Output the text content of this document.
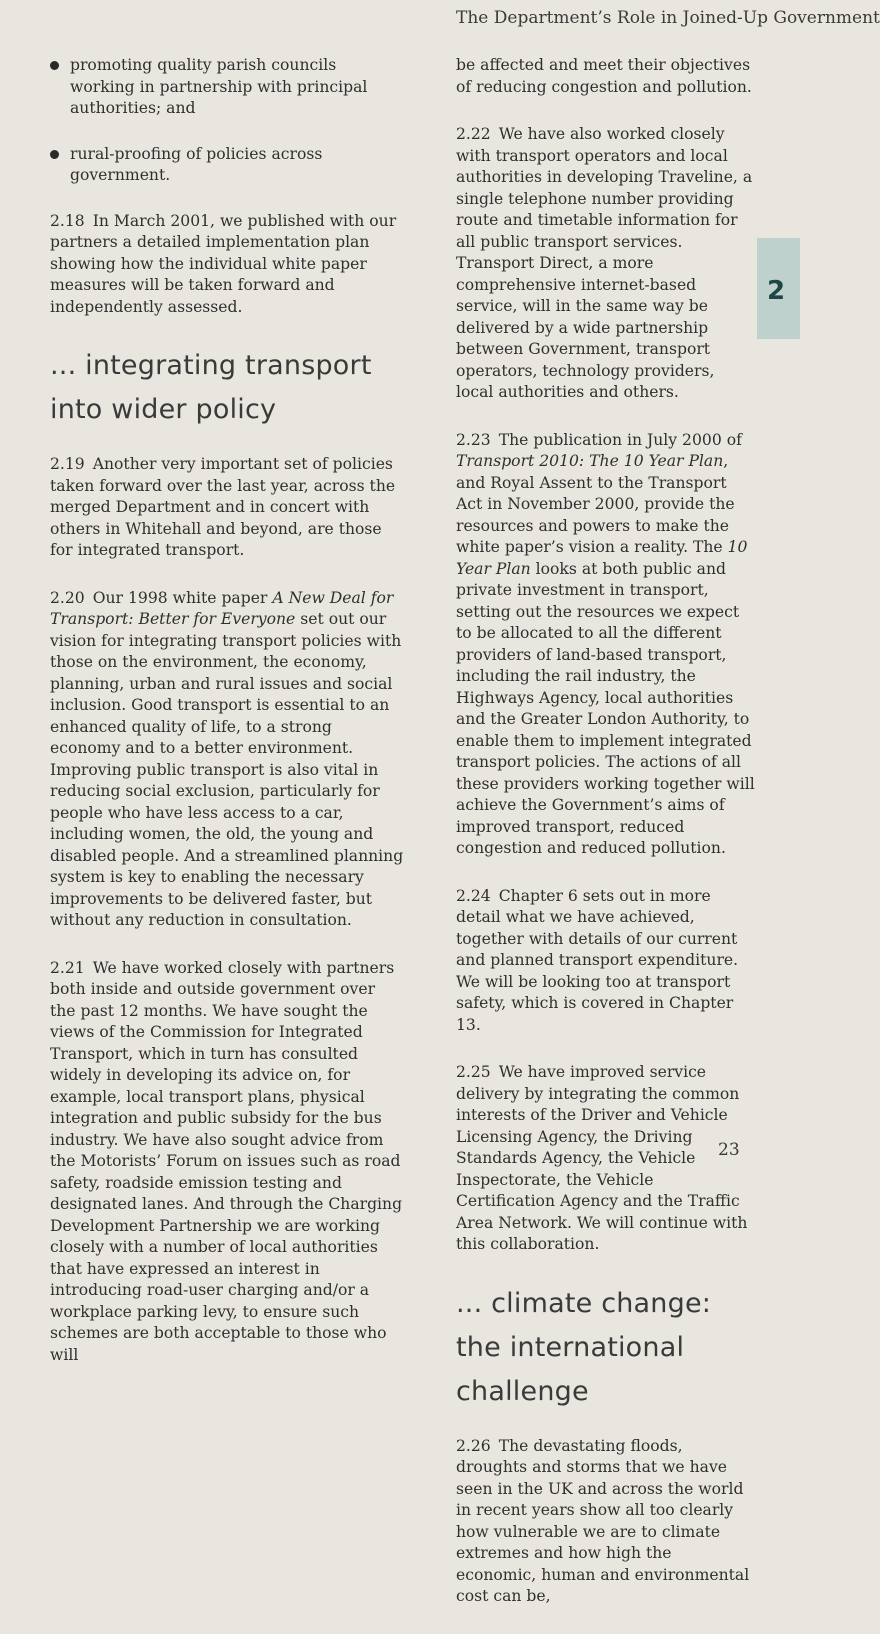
The Department’s Role in Joined-Up Government
promoting quality parish councils working in partnership with principal authorities; and
rural-proofing of policies across government.

2.18 In March 2001, we published with our partners a detailed implementation plan showing how the individual white paper measures will be taken forward and independently assessed.

... integrating transport into wider policy

2.19 Another very important set of policies taken forward over the last year, across the merged Department and in concert with others in Whitehall and beyond, are those for integrated transport.

2.20 Our 1998 white paper A New Deal for Transport: Better for Everyone set out our vision for integrating transport policies with those on the environment, the economy, planning, urban and rural issues and social inclusion. Good transport is essential to an enhanced quality of life, to a strong economy and to a better environment. Improving public transport is also vital in reducing social exclusion, particularly for people who have less access to a car, including women, the old, the young and disabled people. And a streamlined planning system is key to enabling the necessary improvements to be delivered faster, but without any reduction in consultation.

2.21 We have worked closely with partners both inside and outside government over the past 12 months. We have sought the views of the Commission for Integrated Transport, which in turn has consulted widely in developing its advice on, for example, local transport plans, physical integration and public subsidy for the bus industry. We have also sought advice from the Motorists’ Forum on issues such as road safety, roadside emission testing and designated lanes. And through the Charging Development Partnership we are working closely with a number of local authorities that have expressed an interest in introducing road-user charging and/or a workplace parking levy, to ensure such schemes are both acceptable to those who will

be affected and meet their objectives of reducing congestion and pollution.

2.22 We have also worked closely with transport operators and local authorities in developing Traveline, a single telephone number providing route and timetable information for all public transport services. Transport Direct, a more comprehensive internet-based service, will in the same way be delivered by a wide partnership between Government, transport operators, technology providers, local authorities and others.

2.23 The publication in July 2000 of Transport 2010: The 10 Year Plan, and Royal Assent to the Transport Act in November 2000, provide the resources and powers to make the white paper’s vision a reality. The 10 Year Plan looks at both public and private investment in transport, setting out the resources we expect to be allocated to all the different providers of land-based transport, including the rail industry, the Highways Agency, local authorities and the Greater London Authority, to enable them to implement integrated transport policies. The actions of all these providers working together will achieve the Government’s aims of improved transport, reduced congestion and reduced pollution.

2.24 Chapter 6 sets out in more detail what we have achieved, together with details of our current and planned transport expenditure. We will be looking too at transport safety, which is covered in Chapter 13.

2.25 We have improved service delivery by integrating the common interests of the Driver and Vehicle Licensing Agency, the Driving Standards Agency, the Vehicle Inspectorate, the Vehicle Certification Agency and the Traffic Area Network. We will continue with this collaboration.

... climate change: the international challenge

2.26 The devastating floods, droughts and storms that we have seen in the UK and across the world in recent years show all too clearly how vulnerable we are to climate extremes and how high the economic, human and environmental cost can be,

2
23
